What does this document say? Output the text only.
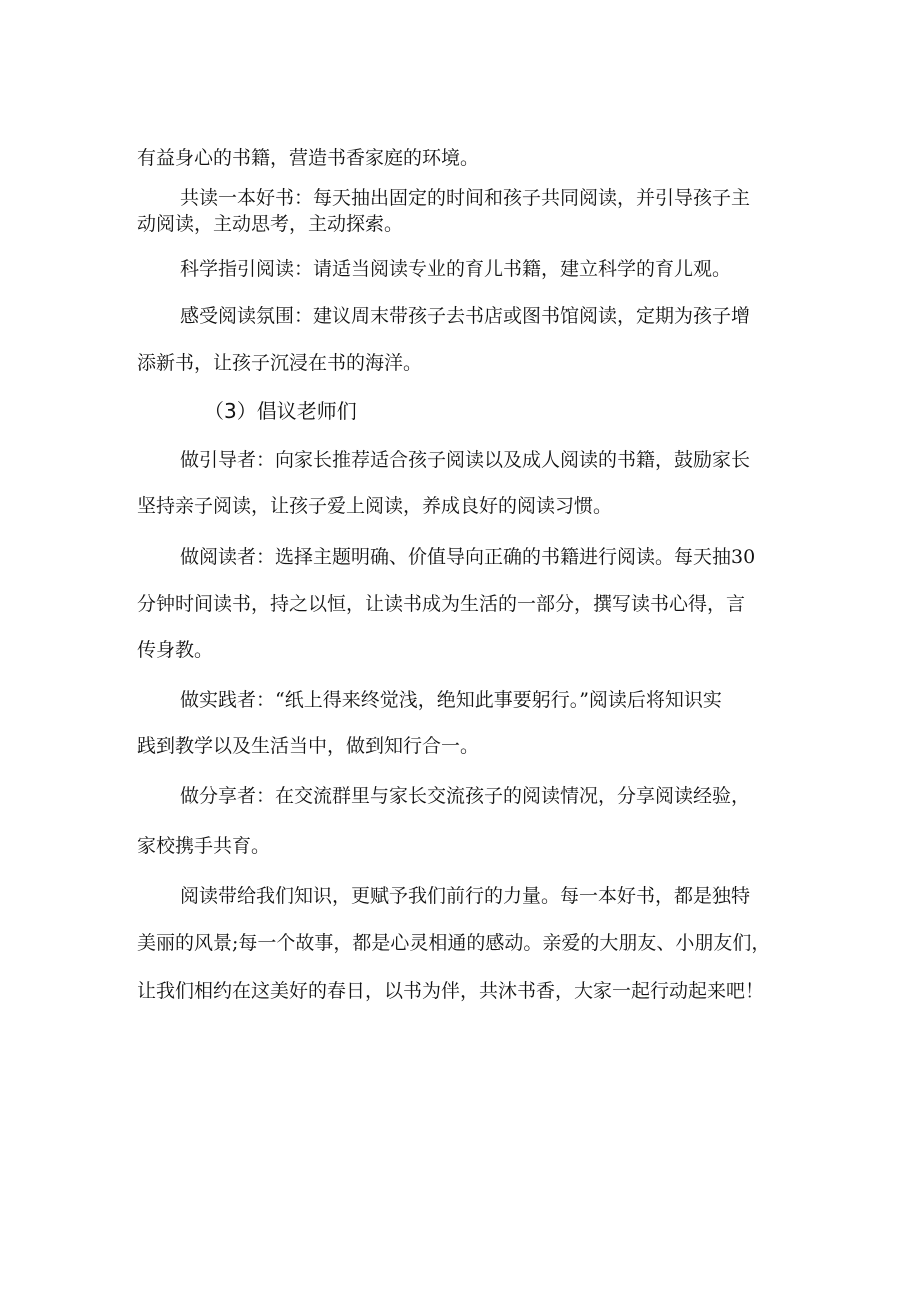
有益身心的书籍，营造书香家庭的环境。
共读一本好书：每天抽出固定的时间和孩子共同阅读，并引导孩子主
动阅读，主动思考，主动探索。
科学指引阅读：请适当阅读专业的育儿书籍，建立科学的育儿观。
感受阅读氛围：建议周末带孩子去书店或图书馆阅读，定期为孩子增
添新书，让孩子沉浸在书的海洋。
（3）倡议老师们
做引导者：向家长推荐适合孩子阅读以及成人阅读的书籍，鼓励家长
坚持亲子阅读，让孩子爱上阅读，养成良好的阅读习惯。
做阅读者：选择主题明确、价值导向正确的书籍进行阅读。每天抽30
分钟时间读书，持之以恒，让读书成为生活的一部分，撰写读书心得，言
传身教。
做实践者：“纸上得来终觉浅，绝知此事要躬行。”阅读后将知识实
践到教学以及生活当中，做到知行合一。
做分享者：在交流群里与家长交流孩子的阅读情况，分享阅读经验，
家校携手共育。
阅读带给我们知识，更赋予我们前行的力量。每一本好书，都是独特
美丽的风景;每一个故事，都是心灵相通的感动。亲爱的大朋友、小朋友们，
让我们相约在这美好的春日，以书为伴，共沐书香，大家一起行动起来吧！
